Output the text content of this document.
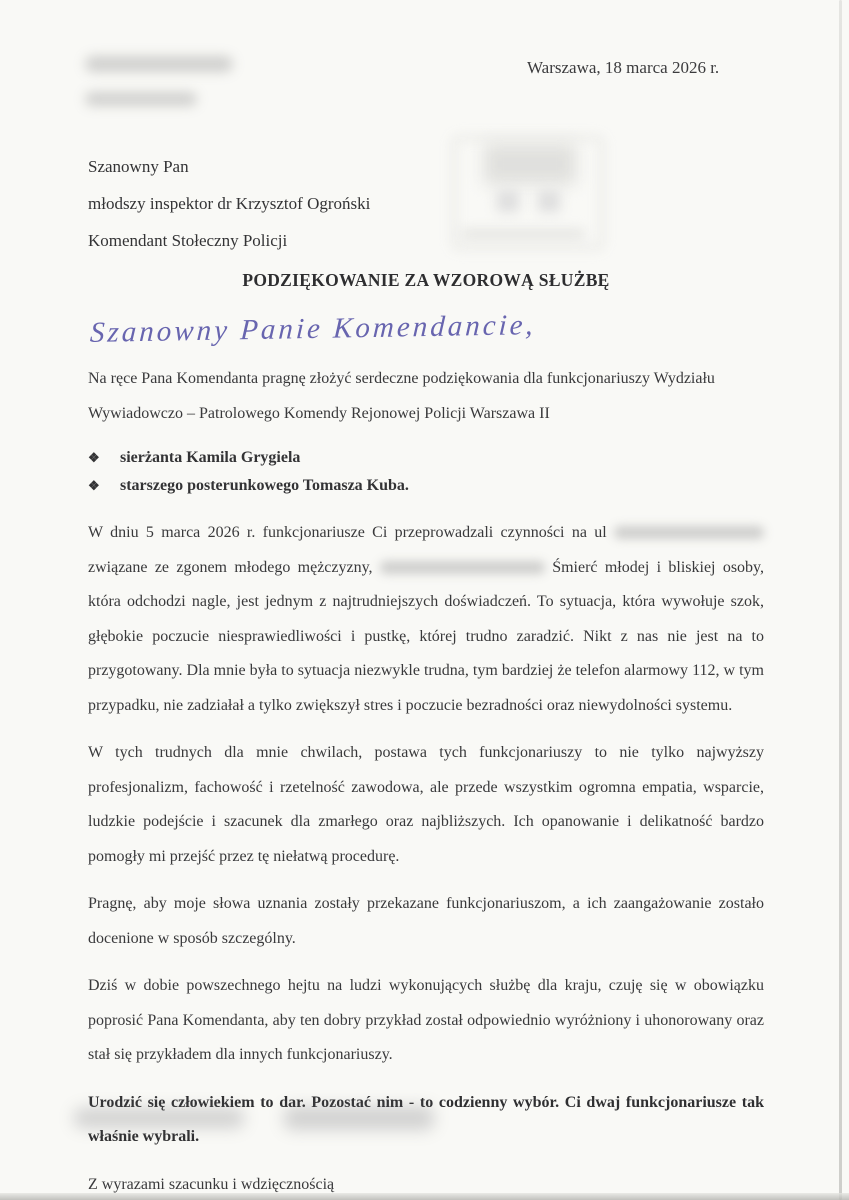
Warszawa, 18 marca 2026 r.

Szanowny Pan

młodszy inspektor dr Krzysztof Ogroński

Komendant Stołeczny Policji

PODZIĘKOWANIE ZA WZOROWĄ SŁUŻBĘ
Szanowny Panie Komendancie,

Na ręce Pana Komendanta pragnę złożyć serdeczne podziękowania dla funkcjonariuszy Wydziału Wywiadowczo – Patrolowego Komendy Rejonowej Policji Warszawa II

❖	sierżanta Kamila Grygiela
❖	starszego posterunkowego Tomasza Kuba.

W dniu 5 marca 2026 r. funkcjonariusze Ci przeprowadzali czynności na ul  związane ze zgonem młodego mężczyzny,	Śmierć młodej i bliskiej osoby, która odchodzi nagle, jest jednym z najtrudniejszych doświadczeń. To sytuacja, która wywołuje szok, głębokie poczucie niesprawiedliwości i pustkę, której trudno zaradzić. Nikt z nas nie jest na to przygotowany. Dla mnie była to sytuacja niezwykle trudna, tym bardziej że telefon alarmowy 112, w tym przypadku, nie zadziałał a tylko zwiększył stres i poczucie bezradności oraz niewydolności systemu.

W tych trudnych dla mnie chwilach, postawa tych funkcjonariuszy to nie tylko najwyższy profesjonalizm, fachowość i rzetelność zawodowa, ale przede wszystkim ogromna empatia, wsparcie, ludzkie podejście i szacunek dla zmarłego oraz najbliższych. Ich opanowanie i delikatność bardzo pomogły mi przejść przez tę niełatwą procedurę.

Pragnę, aby moje słowa uznania zostały przekazane funkcjonariuszom, a ich zaangażowanie zostało docenione w sposób szczególny.

Dziś w dobie powszechnego hejtu na ludzi wykonujących służbę dla kraju, czuję się w obowiązku poprosić Pana Komendanta, aby ten dobry przykład został odpowiednio wyróżniony i uhonorowany oraz stał się przykładem dla innych funkcjonariuszy.

Urodzić się człowiekiem to dar. Pozostać nim - to codzienny wybór. Ci dwaj funkcjonariusze tak właśnie wybrali.

Z wyrazami szacunku i wdzięcznością
